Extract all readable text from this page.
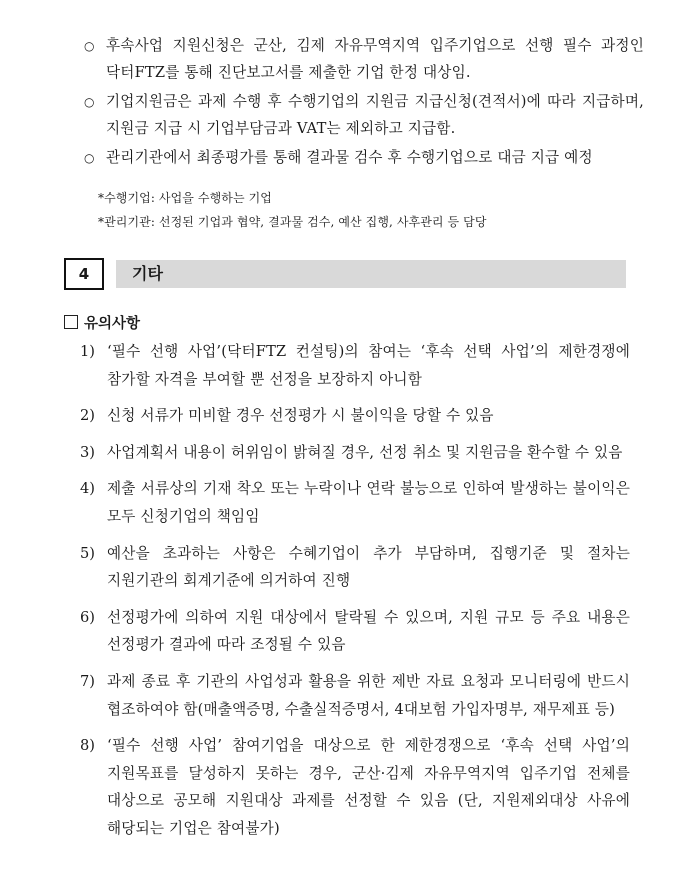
○ 후속사업 지원신청은 군산, 김제 자유무역지역 입주기업으로 선행 필수 과정인 닥터FTZ를 통해 진단보고서를 제출한 기업 한정 대상임.
○ 기업지원금은 과제 수행 후 수행기업의 지원금 지급신청(견적서)에 따라 지급하며, 지원금 지급 시 기업부담금과 VAT는 제외하고 지급함.
○ 관리기관에서 최종평가를 통해 결과물 검수 후 수행기업으로 대금 지급 예정
*수행기업: 사업을 수행하는 기업
*관리기관: 선정된 기업과 협약, 결과물 검수, 예산 집행, 사후관리 등 담당
4	기타
유의사항
1) ‘필수 선행 사업’(닥터FTZ 컨설팅)의 참여는 ‘후속 선택 사업’의 제한경쟁에 참가할 자격을 부여할 뿐 선정을 보장하지 아니함
2) 신청 서류가 미비할 경우 선정평가 시 불이익을 당할 수 있음
3) 사업계획서 내용이 허위임이 밝혀질 경우, 선정 취소 및 지원금을 환수할 수 있음
4) 제출 서류상의 기재 착오 또는 누락이나 연락 불능으로 인하여 발생하는 불이익은 모두 신청기업의 책임임
5) 예산을 초과하는 사항은 수혜기업이 추가 부담하며, 집행기준 및 절차는 지원기관의 회계기준에 의거하여 진행
6) 선정평가에 의하여 지원 대상에서 탈락될 수 있으며, 지원 규모 등 주요 내용은 선정평가 결과에 따라 조정될 수 있음
7) 과제 종료 후 기관의 사업성과 활용을 위한 제반 자료 요청과 모니터링에 반드시 협조하여야 함(매출액증명, 수출실적증명서, 4대보험 가입자명부, 재무제표 등)
8) ‘필수 선행 사업’ 참여기업을 대상으로 한 제한경쟁으로 ‘후속 선택 사업’의 지원목표를 달성하지 못하는 경우, 군산·김제 자유무역지역 입주기업 전체를 대상으로 공모해 지원대상 과제를 선정할 수 있음 (단, 지원제외대상 사유에 해당되는 기업은 참여불가)
